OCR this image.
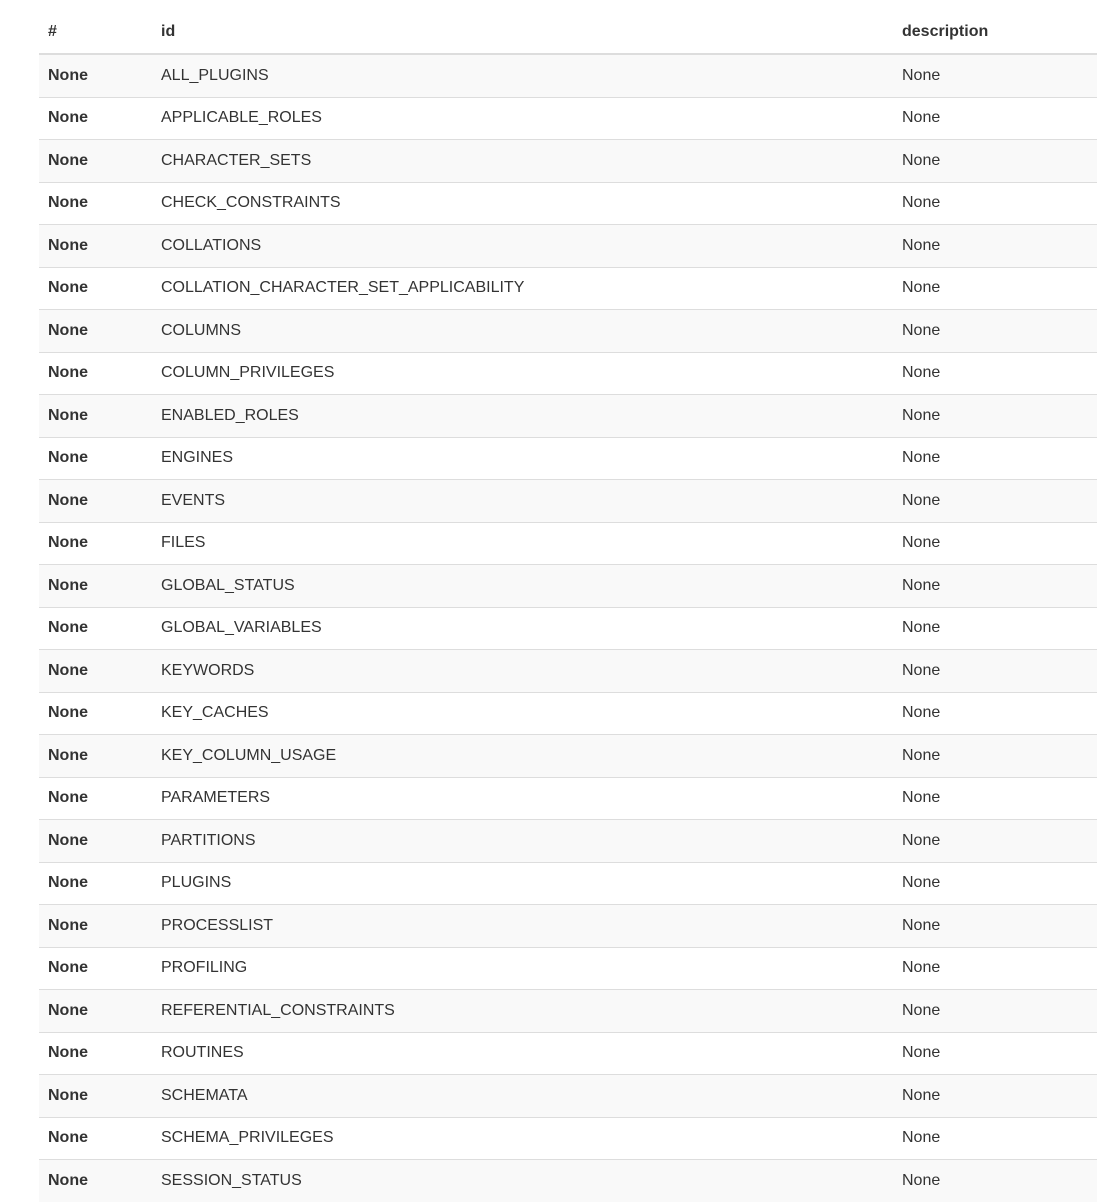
#	id	description
None	ALL_PLUGINS	None
None	APPLICABLE_ROLES	None
None	CHARACTER_SETS	None
None	CHECK_CONSTRAINTS	None
None	COLLATIONS	None
None	COLLATION_CHARACTER_SET_APPLICABILITY	None
None	COLUMNS	None
None	COLUMN_PRIVILEGES	None
None	ENABLED_ROLES	None
None	ENGINES	None
None	EVENTS	None
None	FILES	None
None	GLOBAL_STATUS	None
None	GLOBAL_VARIABLES	None
None	KEYWORDS	None
None	KEY_CACHES	None
None	KEY_COLUMN_USAGE	None
None	PARAMETERS	None
None	PARTITIONS	None
None	PLUGINS	None
None	PROCESSLIST	None
None	PROFILING	None
None	REFERENTIAL_CONSTRAINTS	None
None	ROUTINES	None
None	SCHEMATA	None
None	SCHEMA_PRIVILEGES	None
None	SESSION_STATUS	None
